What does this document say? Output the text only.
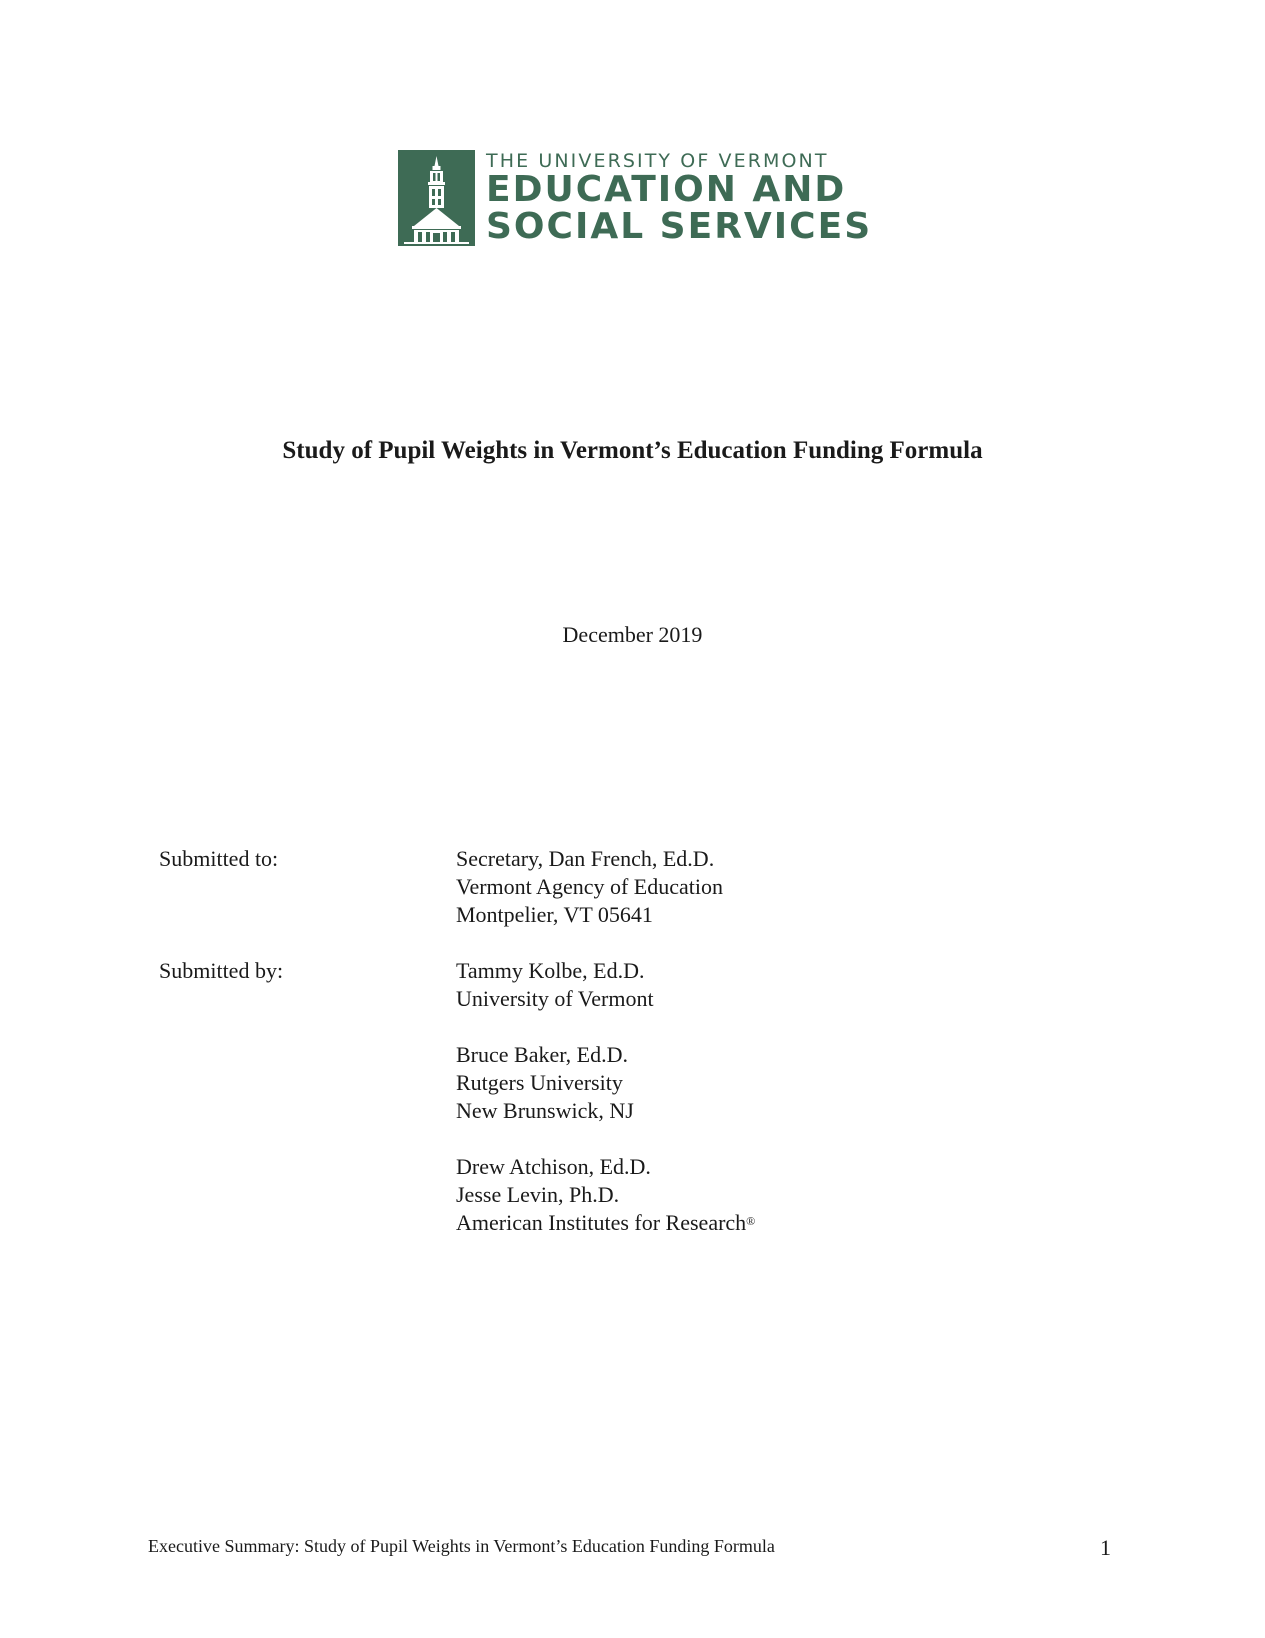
THE UNIVERSITY OF VERMONT
EDUCATION AND
SOCIAL SERVICES
Study of Pupil Weights in Vermont’s Education Funding Formula
December 2019
Submitted to:	Secretary, Dan French, Ed.D.
Vermont Agency of Education
Montpelier, VT 05641
Submitted by:	Tammy Kolbe, Ed.D.
University of Vermont
Bruce Baker, Ed.D.
Rutgers University
New Brunswick, NJ
Drew Atchison, Ed.D.
Jesse Levin, Ph.D.
American Institutes for Research®
Executive Summary: Study of Pupil Weights in Vermont’s Education Funding Formula	1
